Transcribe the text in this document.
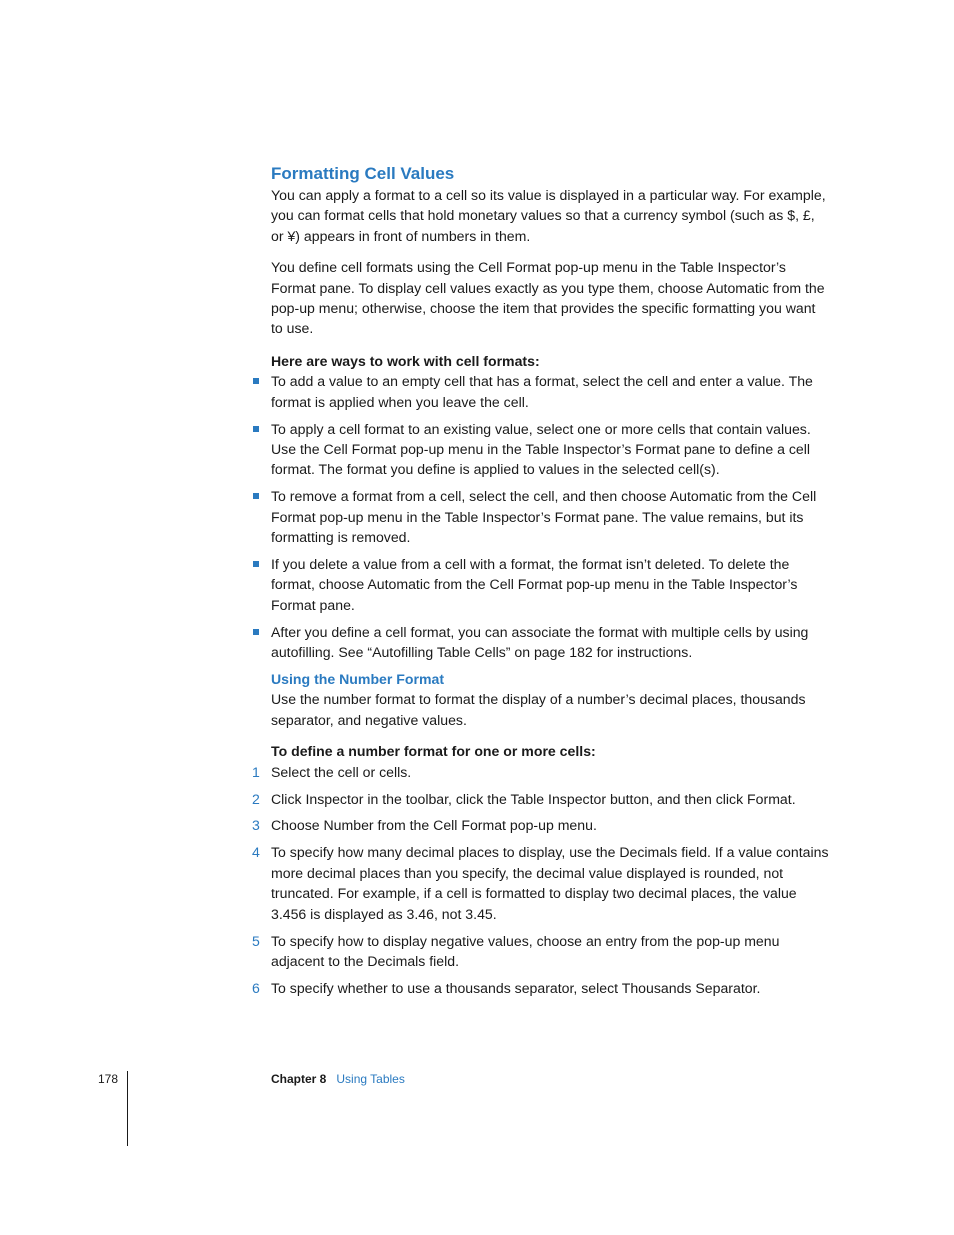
Formatting Cell Values

You can apply a format to a cell so its value is displayed in a particular way. For example, you can format cells that hold monetary values so that a currency symbol (such as $, £, or ¥) appears in front of numbers in them.

You define cell formats using the Cell Format pop-up menu in the Table Inspector’s Format pane. To display cell values exactly as you type them, choose Automatic from the pop-up menu; otherwise, choose the item that provides the specific formatting you want to use.

Here are ways to work with cell formats:

To add a value to an empty cell that has a format, select the cell and enter a value. The format is applied when you leave the cell.
To apply a cell format to an existing value, select one or more cells that contain values. Use the Cell Format pop-up menu in the Table Inspector’s Format pane to define a cell format. The format you define is applied to values in the selected cell(s).
To remove a format from a cell, select the cell, and then choose Automatic from the Cell Format pop-up menu in the Table Inspector’s Format pane. The value remains, but its formatting is removed.
If you delete a value from a cell with a format, the format isn’t deleted. To delete the format, choose Automatic from the Cell Format pop-up menu in the Table Inspector’s Format pane.
After you define a cell format, you can associate the format with multiple cells by using autofilling. See “Autofilling Table Cells” on page 182 for instructions.
Using the Number Format

Use the number format to format the display of a number’s decimal places, thousands separator, and negative values.

To define a number format for one or more cells:

1 Select the cell or cells.
2 Click Inspector in the toolbar, click the Table Inspector button, and then click Format.
3 Choose Number from the Cell Format pop-up menu.
4 To specify how many decimal places to display, use the Decimals field. If a value contains more decimal places than you specify, the decimal value displayed is rounded, not truncated. For example, if a cell is formatted to display two decimal places, the value 3.456 is displayed as 3.46, not 3.45.
5 To specify how to display negative values, choose an entry from the pop-up menu adjacent to the Decimals field.
6 To specify whether to use a thousands separator, select Thousands Separator.
178	Chapter 8 Using Tables
